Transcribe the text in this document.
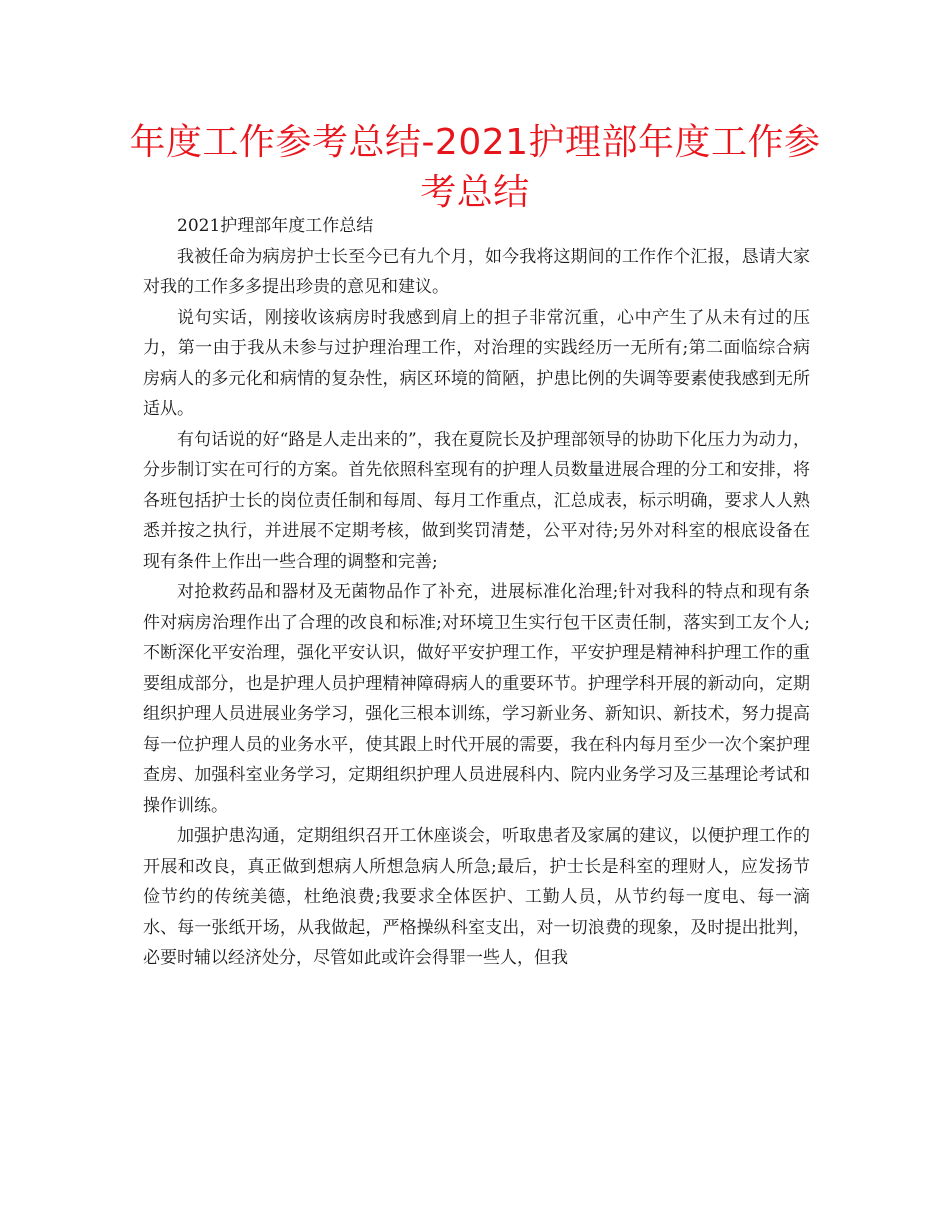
年度工作参考总结-2021护理部年度工作参考总结

2021护理部年度工作总结

我被任命为病房护士长至今已有九个月，如今我将这期间的工作作个汇报，恳请大家对我的工作多多提出珍贵的意见和建议。

说句实话，刚接收该病房时我感到肩上的担子非常沉重，心中产生了从未有过的压力，第一由于我从未参与过护理治理工作，对治理的实践经历一无所有;第二面临综合病房病人的多元化和病情的复杂性，病区环境的简陋，护患比例的失调等要素使我感到无所适从。

有句话说的好“路是人走出来的”，我在夏院长及护理部领导的协助下化压力为动力，分步制订实在可行的方案。首先依照科室现有的护理人员数量进展合理的分工和安排，将各班包括护士长的岗位责任制和每周、每月工作重点，汇总成表，标示明确，要求人人熟悉并按之执行，并进展不定期考核，做到奖罚清楚，公平对待;另外对科室的根底设备在现有条件上作出一些合理的调整和完善;

对抢救药品和器材及无菌物品作了补充，进展标准化治理;针对我科的特点和现有条件对病房治理作出了合理的改良和标准;对环境卫生实行包干区责任制，落实到工友个人;不断深化平安治理，强化平安认识，做好平安护理工作，平安护理是精神科护理工作的重要组成部分，也是护理人员护理精神障碍病人的重要环节。护理学科开展的新动向，定期组织护理人员进展业务学习，强化三根本训练，学习新业务、新知识、新技术，努力提高每一位护理人员的业务水平，使其跟上时代开展的需要，我在科内每月至少一次个案护理查房、加强科室业务学习，定期组织护理人员进展科内、院内业务学习及三基理论考试和操作训练。

加强护患沟通，定期组织召开工休座谈会，听取患者及家属的建议，以便护理工作的开展和改良，真正做到想病人所想急病人所急;最后，护士长是科室的理财人，应发扬节俭节约的传统美德，杜绝浪费;我要求全体医护、工勤人员，从节约每一度电、每一滴水、每一张纸开场，从我做起，严格操纵科室支出，对一切浪费的现象，及时提出批判，必要时辅以经济处分，尽管如此或许会得罪一些人，但我
